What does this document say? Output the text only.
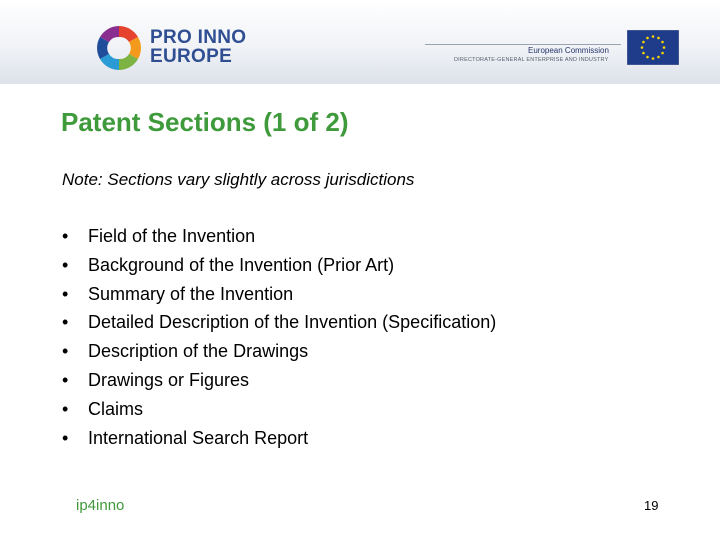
PRO INNO
EUROPE	European Commission
DIRECTORATE-GENERAL ENTERPRISE AND INDUSTRY
Patent Sections (1 of 2)
Note: Sections vary slightly across jurisdictions
•	Field of the Invention
•	Background of the Invention (Prior Art)
•	Summary of the Invention
•	Detailed Description of the Invention (Specification)
•	Description of the Drawings
•	Drawings or Figures
•	Claims
•	International Search Report
ip4inno	19
